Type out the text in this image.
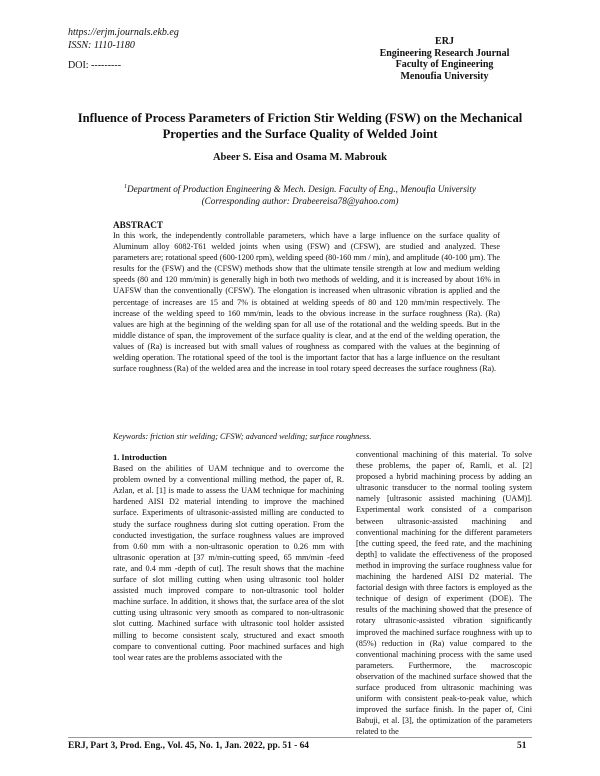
https://erjm.journals.ekb.eg
ISSN: 1110-1180
DOI: ---------
ERJ
Engineering Research Journal
Faculty of Engineering
Menoufia University
Influence of Process Parameters of Friction Stir Welding (FSW) on the Mechanical Properties and the Surface Quality of Welded Joint
Abeer S. Eisa and Osama M. Mabrouk
$^1$Department of Production Engineering & Mech. Design. Faculty of Eng., Menoufia University
(Corresponding author: Drabeereisa78@yahoo.com)
ABSTRACT
In this work, the independently controllable parameters, which have a large influence on the surface quality of Aluminum alloy 6082-T61 welded joints when using (FSW) and (CFSW), are studied and analyzed. These parameters are; rotational speed (600-1200 rpm), welding speed (80-160 mm / min), and amplitude (40-100 µm). The results for the (FSW) and the (CFSW) methods show that the ultimate tensile strength at low and medium welding speeds (80 and 120 mm/min) is generally high in both two methods of welding, and it is increased by about 16% in UAFSW than the conventionally (CFSW). The elongation is increased when ultrasonic vibration is applied and the percentage of increases are 15 and 7% is obtained at welding speeds of 80 and 120 mm/min respectively. The increase of the welding speed to 160 mm/min, leads to the obvious increase in the surface roughness (Ra). (Ra) values are high at the beginning of the welding span for all use of the rotational and the welding speeds. But in the middle distance of span, the improvement of the surface quality is clear, and at the end of the welding operation, the values of (Ra) is increased but with small values of roughness as compared with the values at the beginning of welding operation. The rotational speed of the tool is the important factor that has a large influence on the resultant surface roughness (Ra) of the welded area and the increase in tool rotary speed decreases the surface roughness (Ra).
Keywords: friction stir welding; CFSW; advanced welding; surface roughness.
1. Introduction
Based on the abilities of UAM technique and to overcome the problem owned by a conventional milling method, the paper of, R. Azlan, et al. [1] is made to assess the UAM technique for machining hardened AISI D2 material intending to improve the machined surface. Experiments of ultrasonic-assisted milling are conducted to study the surface roughness during slot cutting operation. From the conducted investigation, the surface roughness values are improved from 0.60 mm with a non-ultrasonic operation to 0.26 mm with ultrasonic operation at [37 m/min-cutting speed, 65 mm/min -feed rate, and 0.4 mm -depth of cut]. The result shows that the machine surface of slot milling cutting when using ultrasonic tool holder assisted much improved compare to non-ultrasonic tool holder machine surface. In addition, it shows that, the surface area of the slot cutting using ultrasonic very smooth as compared to non-ultrasonic slot cutting. Machined surface with ultrasonic tool holder assisted milling to become consistent scaly, structured and exact smooth compare to conventional cutting. Poor machined surfaces and high tool wear rates are the problems associated with the
conventional machining of this material. To solve these problems, the paper of, Ramli, et al. [2] proposed a hybrid machining process by adding an ultrasonic transducer to the normal tooling system namely [ultrasonic assisted machining (UAM)]. Experimental work consisted of a comparison between ultrasonic-assisted machining and conventional machining for the different parameters [the cutting speed, the feed rate, and the machining depth] to validate the effectiveness of the proposed method in improving the surface roughness value for machining the hardened AISI D2 material. The factorial design with three factors is employed as the technique of design of experiment (DOE). The results of the machining showed that the presence of rotary ultrasonic-assisted vibration significantly improved the machined surface roughness with up to (85%) reduction in (Ra) value compared to the conventional machining process with the same used parameters. Furthermore, the macroscopic observation of the machined surface showed that the surface produced from ultrasonic machining was uniform with consistent peak-to-peak value, which improved the surface finish. In the paper of, Cini Babuji, et al. [3], the optimization of the parameters related to the
ERJ, Part 3, Prod. Eng., Vol. 45, No. 1, Jan. 2022, pp. 51 - 64	51
